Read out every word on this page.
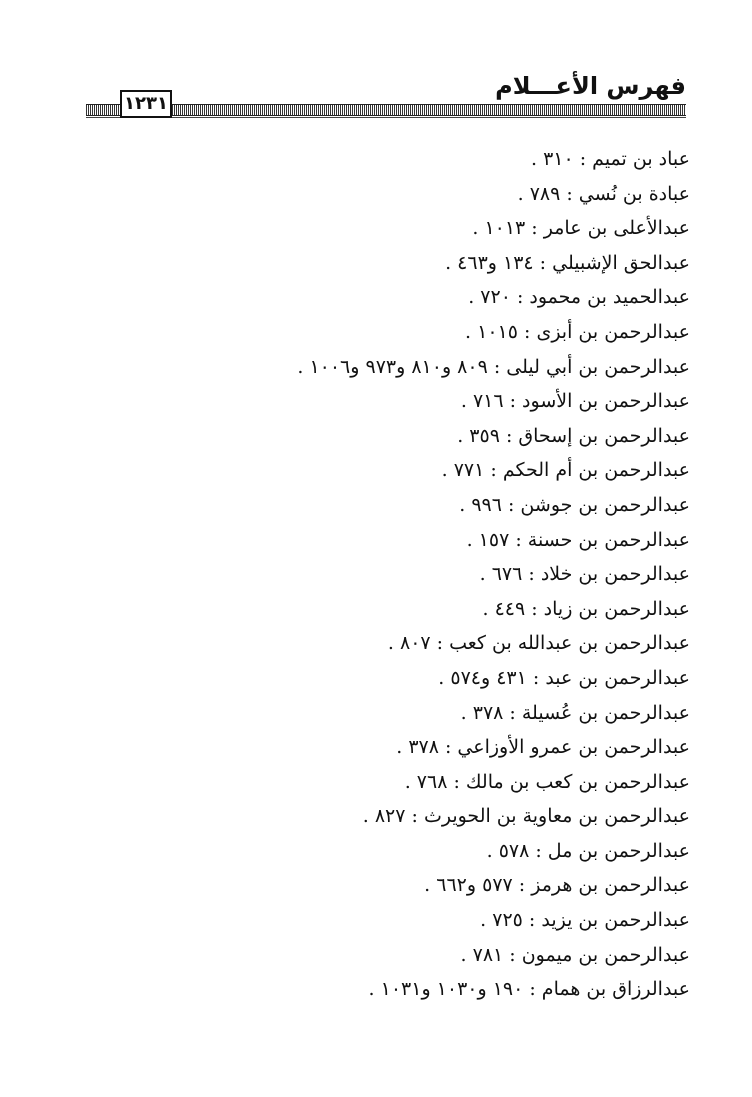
فهرس الأعـــلام
١٢٣١
عباد بن تميم : ٣١٠ .
عبادة بن نُسي : ٧٨٩ .
عبدالأعلى بن عامر : ١٠١٣ .
عبدالحق الإشبيلي : ١٣٤ و٤٦٣ .
عبدالحميد بن محمود : ٧٢٠ .
عبدالرحمن بن أبزى : ١٠١٥ .
عبدالرحمن بن أبي ليلى : ٨٠٩ و٨١٠ و٩٧٣ و١٠٠٦ .
عبدالرحمن بن الأسود : ٧١٦ .
عبدالرحمن بن إسحاق : ٣٥٩ .
عبدالرحمن بن أم الحكم : ٧٧١ .
عبدالرحمن بن جوشن : ٩٩٦ .
عبدالرحمن بن حسنة : ١٥٧ .
عبدالرحمن بن خلاد : ٦٧٦ .
عبدالرحمن بن زياد : ٤٤٩ .
عبدالرحمن بن عبدالله بن كعب : ٨٠٧ .
عبدالرحمن بن عبد : ٤٣١ و٥٧٤ .
عبدالرحمن بن عُسيلة : ٣٧٨ .
عبدالرحمن بن عمرو الأوزاعي : ٣٧٨ .
عبدالرحمن بن كعب بن مالك : ٧٦٨ .
عبدالرحمن بن معاوية بن الحويرث : ٨٢٧ .
عبدالرحمن بن مل : ٥٧٨ .
عبدالرحمن بن هرمز : ٥٧٧ و٦٦٢ .
عبدالرحمن بن يزيد : ٧٢٥ .
عبدالرحمن بن ميمون : ٧٨١ .
عبدالرزاق بن همام : ١٩٠ و١٠٣٠ و١٠٣١ .
